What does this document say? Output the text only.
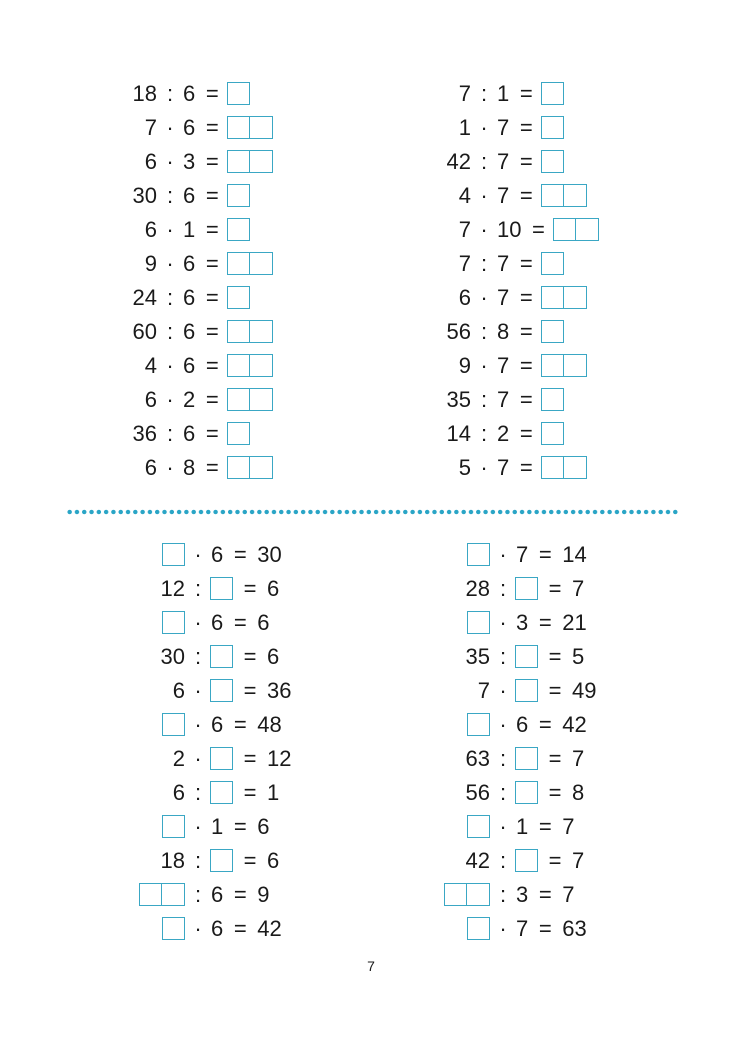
18 : 6 =
7 · 6 =
6 · 3 =
30 : 6 =
6 · 1 =
9 · 6 =
24 : 6 =
60 : 6 =
4 · 6 =
6 · 2 =
36 : 6 =
6 · 8 =
7 : 1 =
1 · 7 =
42 : 7 =
4 · 7 =
7 · 10 =
7 : 7 =
6 · 7 =
56 : 8 =
9 · 7 =
35 : 7 =
14 : 2 =
5 · 7 =
· 6 = 30
12 :	= 6
· 6 = 6
30 :	= 6
6 ·	= 36
· 6 = 48
2 ·	= 12
6 :	= 1
· 1 = 6
18 :	= 6
: 6 = 9
· 6 = 42
· 7 = 14
28 :	= 7
· 3 = 21
35 :	= 5
7 ·	= 49
· 6 = 42
63 :	= 7
56 :	= 8
· 1 = 7
42 :	= 7
: 3 = 7
· 7 = 63
7
